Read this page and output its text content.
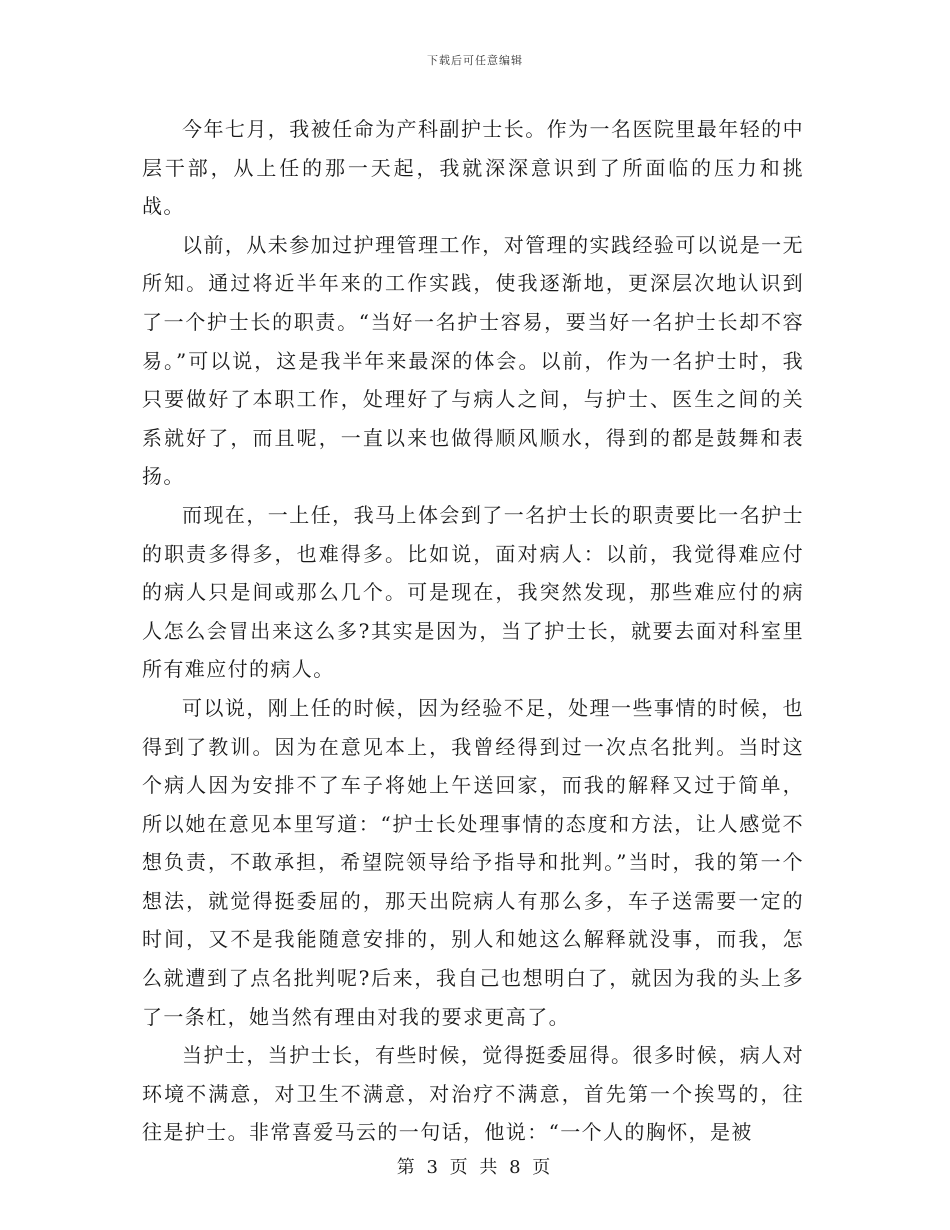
下载后可任意编辑

今年七月，我被任命为产科副护士长。作为一名医院里最年轻的中层干部，从上任的那一天起，我就深深意识到了所面临的压力和挑战。

以前，从未参加过护理管理工作，对管理的实践经验可以说是一无所知。通过将近半年来的工作实践，使我逐渐地，更深层次地认识到了一个护士长的职责。“当好一名护士容易，要当好一名护士长却不容易。”可以说，这是我半年来最深的体会。以前，作为一名护士时，我只要做好了本职工作，处理好了与病人之间，与护士、医生之间的关系就好了，而且呢，一直以来也做得顺风顺水，得到的都是鼓舞和表扬。

而现在，一上任，我马上体会到了一名护士长的职责要比一名护士的职责多得多，也难得多。比如说，面对病人：以前，我觉得难应付的病人只是间或那么几个。可是现在，我突然发现，那些难应付的病人怎么会冒出来这么多?其实是因为，当了护士长，就要去面对科室里所有难应付的病人。

可以说，刚上任的时候，因为经验不足，处理一些事情的时候，也得到了教训。因为在意见本上，我曾经得到过一次点名批判。当时这个病人因为安排不了车子将她上午送回家，而我的解释又过于简单，所以她在意见本里写道：“护士长处理事情的态度和方法，让人感觉不想负责，不敢承担，希望院领导给予指导和批判。”当时，我的第一个想法，就觉得挺委屈的，那天出院病人有那么多，车子送需要一定的时间，又不是我能随意安排的，别人和她这么解释就没事，而我，怎么就遭到了点名批判呢?后来，我自己也想明白了，就因为我的头上多了一条杠，她当然有理由对我的要求更高了。

当护士，当护士长，有些时候，觉得挺委屈得。很多时候，病人对环境不满意，对卫生不满意，对治疗不满意，首先第一个挨骂的，往往是护士。非常喜爱马云的一句话，他说：“一个人的胸怀，是被

第 3 页 共 8 页
